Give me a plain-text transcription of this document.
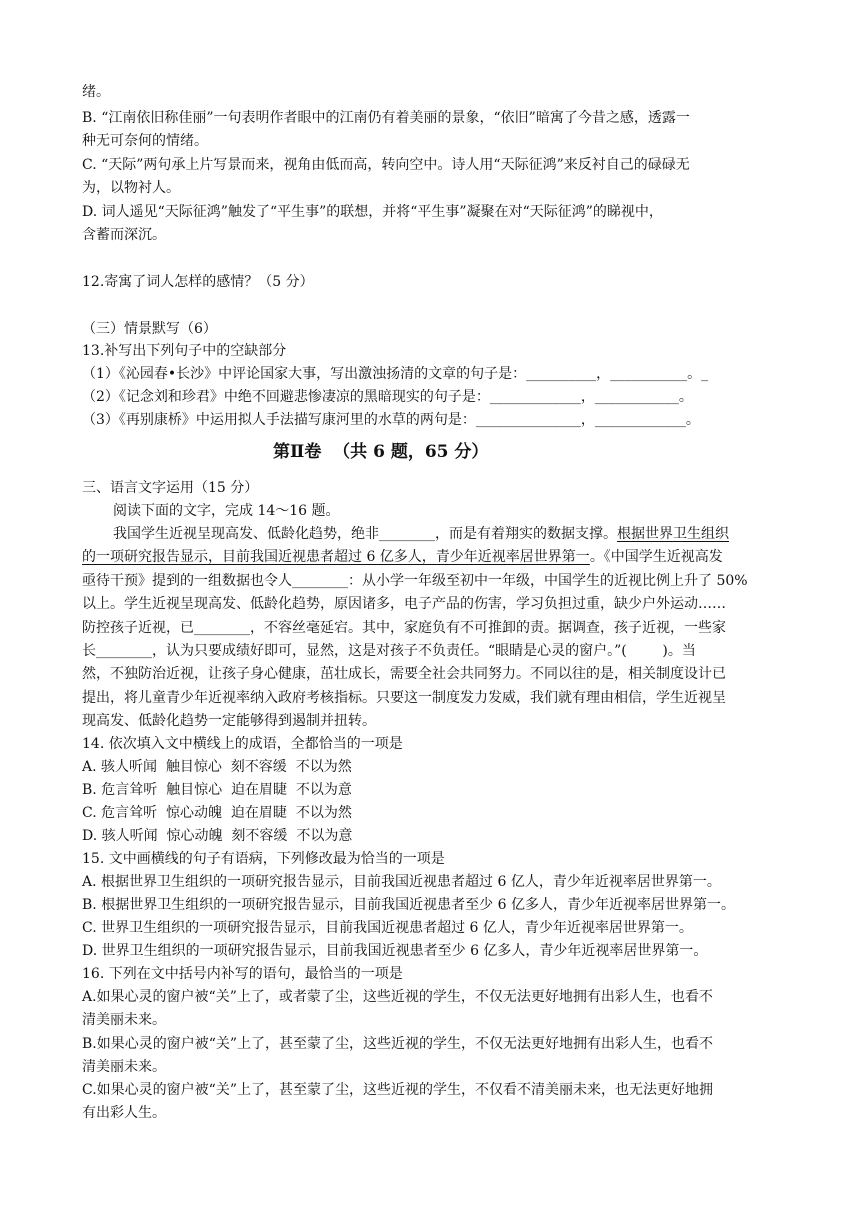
绪。
B. “江南依旧称佳丽”一句表明作者眼中的江南仍有着美丽的景象，“依旧”暗寓了今昔之感，透露一
种无可奈何的情绪。
C. “天际”两句承上片写景而来，视角由低而高，转向空中。诗人用“天际征鸿”来反衬自己的碌碌无
为，以物衬人。
D. 词人遥见“天际征鸿”触发了“平生事”的联想，并将“平生事”凝聚在对“天际征鸿”的睇视中，
含蓄而深沉。
12.寄寓了词人怎样的感情？（5 分）
（三）情景默写（6）
13.补写出下列句子中的空缺部分
（1）《沁园春•长沙》中评论国家大事，写出激浊扬清的文章的句子是：__________，___________。_
（2）《记念刘和珍君》中绝不回避悲惨凄凉的黑暗现实的句子是：_____________，____________。
（3）《再别康桥》中运用拟人手法描写康河里的水草的两句是：_______________，_____________。
第Ⅱ卷  （共 6 题，65 分）
三、语言文字运用（15 分）
阅读下面的文字，完成 14～16 题。
我国学生近视呈现高发、低龄化趋势，绝非________，而是有着翔实的数据支撑。根据世界卫生组织
的一项研究报告显示，目前我国近视患者超过 6 亿多人，青少年近视率居世界第一。《中国学生近视高发
亟待干预》提到的一组数据也令人________：从小学一年级至初中一年级，中国学生的近视比例上升了 50%
以上。学生近视呈现高发、低龄化趋势，原因诸多，电子产品的伤害，学习负担过重，缺少户外运动……
防控孩子近视，已________，不容丝毫延宕。其中，家庭负有不可推卸的责。据调查，孩子近视，一些家
长________，认为只要成绩好即可，显然，这是对孩子不负责任。“眼睛是心灵的窗户。”(        )。当
然，不独防治近视，让孩子身心健康，茁壮成长，需要全社会共同努力。不同以往的是，相关制度设计已
提出，将儿童青少年近视率纳入政府考核指标。只要这一制度发力发威，我们就有理由相信，学生近视呈
现高发、低龄化趋势一定能够得到遏制并扭转。
14. 依次填入文中横线上的成语，全都恰当的一项是
A. 骇人听闻  触目惊心  刻不容缓  不以为然
B. 危言耸听  触目惊心  迫在眉睫  不以为意
C. 危言耸听  惊心动魄  迫在眉睫  不以为然
D. 骇人听闻  惊心动魄  刻不容缓  不以为意
15. 文中画横线的句子有语病，下列修改最为恰当的一项是
A. 根据世界卫生组织的一项研究报告显示，目前我国近视患者超过 6 亿人，青少年近视率居世界第一。
B. 根据世界卫生组织的一项研究报告显示，目前我国近视患者至少 6 亿多人，青少年近视率居世界第一。
C. 世界卫生组织的一项研究报告显示，目前我国近视患者超过 6 亿人，青少年近视率居世界第一。
D. 世界卫生组织的一项研究报告显示，目前我国近视患者至少 6 亿多人，青少年近视率居世界第一。
16. 下列在文中括号内补写的语句，最恰当的一项是
A.如果心灵的窗户被“关”上了，或者蒙了尘，这些近视的学生，不仅无法更好地拥有出彩人生，也看不
清美丽未来。
B.如果心灵的窗户被“关”上了，甚至蒙了尘，这些近视的学生，不仅无法更好地拥有出彩人生，也看不
清美丽未来。
C.如果心灵的窗户被“关”上了，甚至蒙了尘，这些近视的学生，不仅看不清美丽未来，也无法更好地拥
有出彩人生。
